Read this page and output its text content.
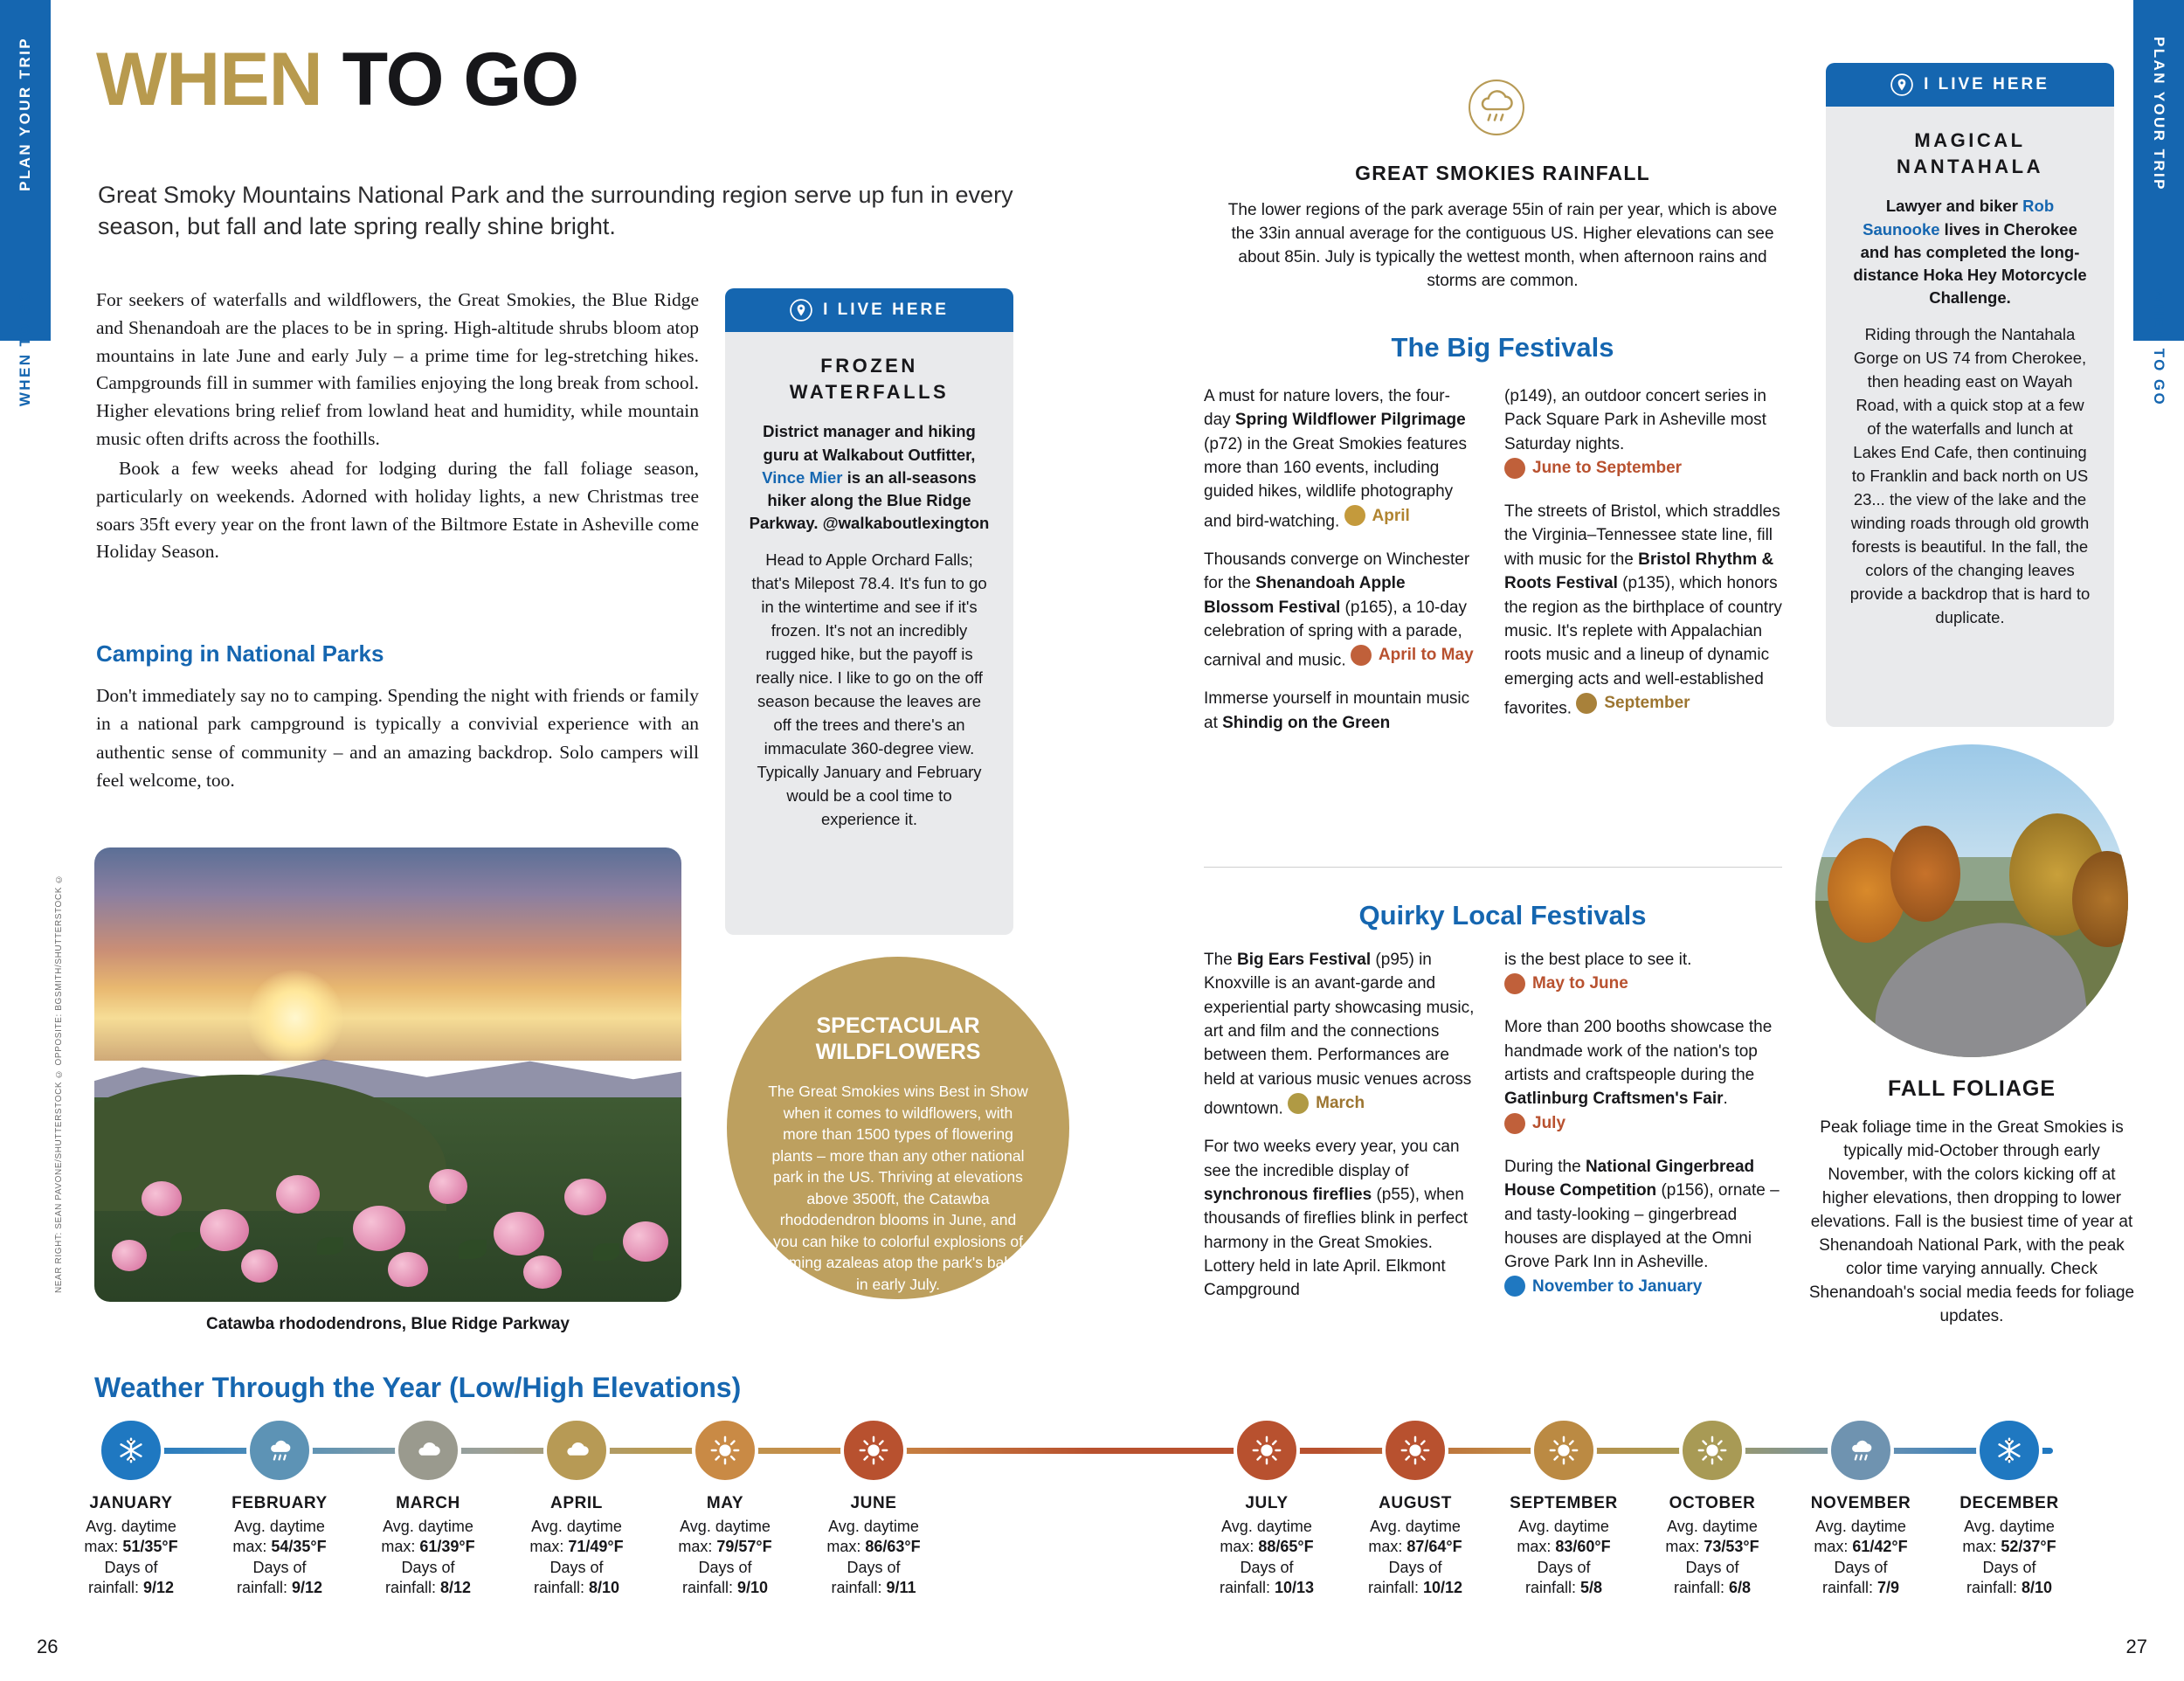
PLAN YOUR TRIP
WHEN TO GO
PLAN YOUR TRIP
WHEN TO GO
WHEN TO GO
Great Smoky Mountains National Park and the surrounding region serve up fun in every season, but fall and late spring really shine bright.

For seekers of waterfalls and wildflowers, the Great Smokies, the Blue Ridge and Shenandoah are the places to be in spring. High-altitude shrubs bloom atop mountains in late June and early July – a prime time for leg-stretching hikes. Campgrounds fill in summer with families enjoying the long break from school. Higher elevations bring relief from lowland heat and humidity, while mountain music often drifts across the foothills.

Book a few weeks ahead for lodging during the fall foliage season, particularly on weekends. Adorned with holiday lights, a new Christmas tree soars 35ft every year on the front lawn of the Biltmore Estate in Asheville come Holiday Season.

Camping in National Parks
Don't immediately say no to camping. Spending the night with friends or family in a national park campground is typically a convivial experience with an authentic sense of community – and an amazing backdrop. Solo campers will feel welcome, too.
Catawba rhododendrons, Blue Ridge Parkway
NEAR RIGHT: SEAN PAVONE/SHUTTERSTOCK © OPPOSITE: BGSMITH/SHUTTERSTOCK ©
I LIVE HERE
FROZEN WATERFALLS
District manager and hiking guru at Walkabout Outfitter, Vince Mier is an all-seasons hiker along the Blue Ridge Parkway. @walkaboutlexington
Head to Apple Orchard Falls; that's Milepost 78.4. It's fun to go in the wintertime and see if it's frozen. It's not an incredibly rugged hike, but the payoff is really nice. I like to go on the off season because the leaves are off the trees and there's an immaculate 360-degree view. Typically January and February would be a cool time to experience it.
SPECTACULAR WILDFLOWERS
The Great Smokies wins Best in Show when it comes to wildflowers, with more than 1500 types of flowering plants – more than any other national park in the US. Thriving at elevations above 3500ft, the Catawba rhododendron blooms in June, and you can hike to colorful explosions of flaming azaleas atop the park's balds in early July.
GREAT SMOKIES RAINFALL
The lower regions of the park average 55in of rain per year, which is above the 33in annual average for the contiguous US. Higher elevations can see about 85in. July is typically the wettest month, when afternoon rains and storms are common.
The Big Festivals

A must for nature lovers, the four-day Spring Wildflower Pilgrimage (p72) in the Great Smokies features more than 160 events, including guided hikes, wildlife photography and bird-watching. April

Thousands converge on Winchester for the Shenandoah Apple Blossom Festival (p165), a 10-day celebration of spring with a parade, carnival and music. April to May

Immerse yourself in mountain music at Shindig on the Green

(p149), an outdoor concert series in Pack Square Park in Asheville most Saturday nights.
June to September

The streets of Bristol, which straddles the Virginia–Tennessee state line, fill with music for the Bristol Rhythm & Roots Festival (p135), which honors the region as the birthplace of country music. It's replete with Appalachian roots music and a lineup of dynamic emerging acts and well-established favorites. September

Quirky Local Festivals

The Big Ears Festival (p95) in Knoxville is an avant-garde and experiential party showcasing music, art and film and the connections between them. Performances are held at various music venues across downtown. March

For two weeks every year, you can see the incredible display of synchronous fireflies (p55), when thousands of fireflies blink in perfect harmony in the Great Smokies. Lottery held in late April. Elkmont Campground

is the best place to see it.
May to June

More than 200 booths showcase the handmade work of the nation's top artists and craftspeople during the Gatlinburg Craftsmen's Fair.
July

During the National Gingerbread House Competition (p156), ornate – and tasty-looking – gingerbread houses are displayed at the Omni Grove Park Inn in Asheville.
November to January

I LIVE HERE
MAGICAL NANTAHALA
Lawyer and biker Rob Saunooke lives in Cherokee and has completed the long-distance Hoka Hey Motorcycle Challenge.
Riding through the Nantahala Gorge on US 74 from Cherokee, then heading east on Wayah Road, with a quick stop at a few of the waterfalls and lunch at Lakes End Cafe, then continuing to Franklin and back north on US 23... the view of the lake and the winding roads through old growth forests is beautiful. In the fall, the colors of the changing leaves provide a backdrop that is hard to duplicate.
FALL FOLIAGE
Peak foliage time in the Great Smokies is typically mid-October through early November, with the colors kicking off at higher elevations, then dropping to lower elevations. Fall is the busiest time of year at Shenandoah National Park, with the peak color time varying annually. Check Shenandoah's social media feeds for foliage updates.
Weather Through the Year (Low/High Elevations)
JANUARY
Avg. daytime
max: 51/35°F
Days of
rainfall: 9/12
FEBRUARY
Avg. daytime
max: 54/35°F
Days of
rainfall: 9/12
MARCH
Avg. daytime
max: 61/39°F
Days of
rainfall: 8/12
APRIL
Avg. daytime
max: 71/49°F
Days of
rainfall: 8/10
MAY
Avg. daytime
max: 79/57°F
Days of
rainfall: 9/10
JUNE
Avg. daytime
max: 86/63°F
Days of
rainfall: 9/11
JULY
Avg. daytime
max: 88/65°F
Days of
rainfall: 10/13
AUGUST
Avg. daytime
max: 87/64°F
Days of
rainfall: 10/12
SEPTEMBER
Avg. daytime
max: 83/60°F
Days of
rainfall: 5/8
OCTOBER
Avg. daytime
max: 73/53°F
Days of
rainfall: 6/8
NOVEMBER
Avg. daytime
max: 61/42°F
Days of
rainfall: 7/9
DECEMBER
Avg. daytime
max: 52/37°F
Days of
rainfall: 8/10
26	27
